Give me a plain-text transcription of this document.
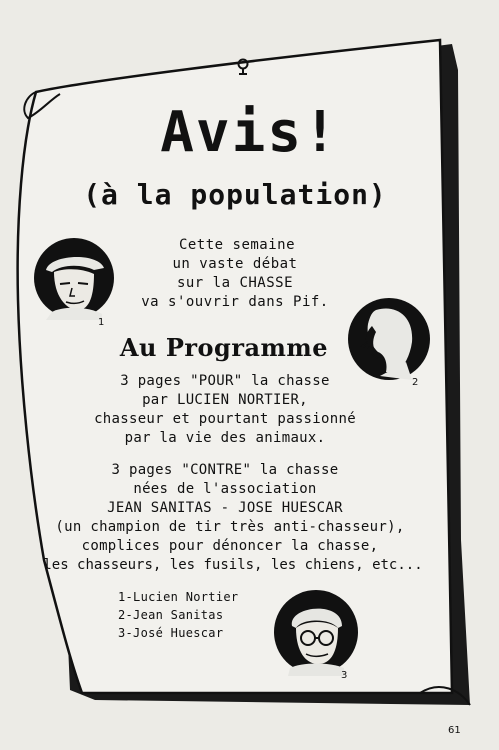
Avis!
(à la population)
Cette semaine
un vaste débat
sur la CHASSE
va s'ouvrir dans Pif.
Au Programme
3 pages "POUR" la chasse
par LUCIEN NORTIER,
chasseur et pourtant passionné
par la vie des animaux.
3 pages "CONTRE" la chasse
nées de l'association
JEAN SANITAS - JOSE HUESCAR
(un champion de tir très anti-chasseur),
complices pour dénoncer la chasse,
les chasseurs, les fusils, les chiens, etc...
1-Lucien Nortier
2-Jean Sanitas
3-José Huescar
1
2
3
61
